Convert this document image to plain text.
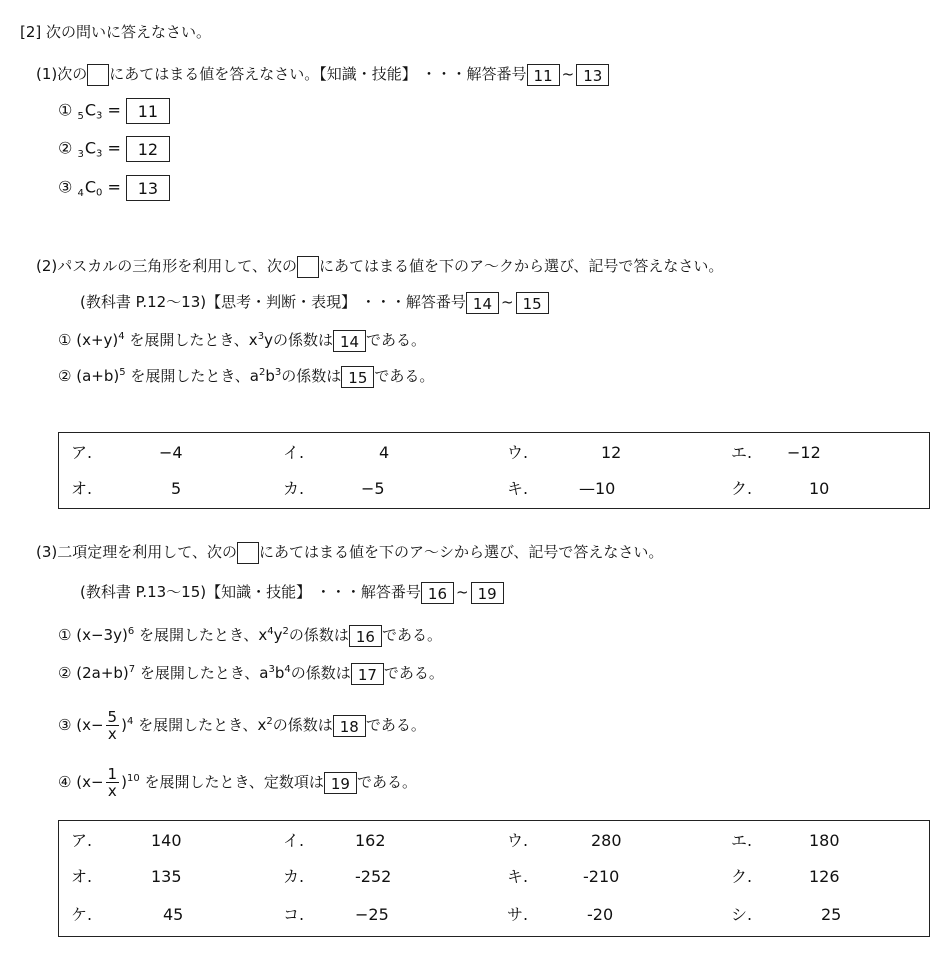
[2] 次の問いに答えなさい。
(1)次の にあてはまる値を答えなさい。【知識・技能】 ・・・解答番号 11 ~ 13
① $5C_3 = 11$
② $3C_3 = 12$
③ $4C_0 = 13$
(2)パスカルの三角形を利用して、次の にあてはまる値を下のア～クから選び、記号で答えなさい。
(教科書 P.12～13)【思考・判断・表現】 ・・・解答番号 14 ~ 15
① $(x+y)^4$ を展開したとき、$x^3y$の係数は 14 である。
② $(a+b)^5$ を展開したとき、$a^2b^3$の係数は 15 である。
ア.	−4	イ.	4	ウ.	12	エ. −12
オ.	5	カ.	−5	キ.	—10	ク.	10
(3)二項定理を利用して、次の にあてはまる値を下のア～シから選び、記号で答えなさい。
(教科書 P.13～15)【知識・技能】 ・・・解答番号 16 ~ 19
① $(x-3y)^6$ を展開したとき、$x^4y^2$の係数は 16 である。
② $(2a+b)^7$ を展開したとき、$a^3b^4$の係数は 17 である。
③ $(x- \frac{5}{x} )^4$ を展開したとき、$x^2$の係数は 18 である。
④ $(x- \frac{1}{x} )^{10}$ を展開したとき、定数項は 19 である。
ア.	140	イ.	162	ウ.	280	エ.	180
オ.	135	カ.	-252	キ.	-210	ク.	126
ケ.	45	コ.	−25	サ.	-20	シ.	25
